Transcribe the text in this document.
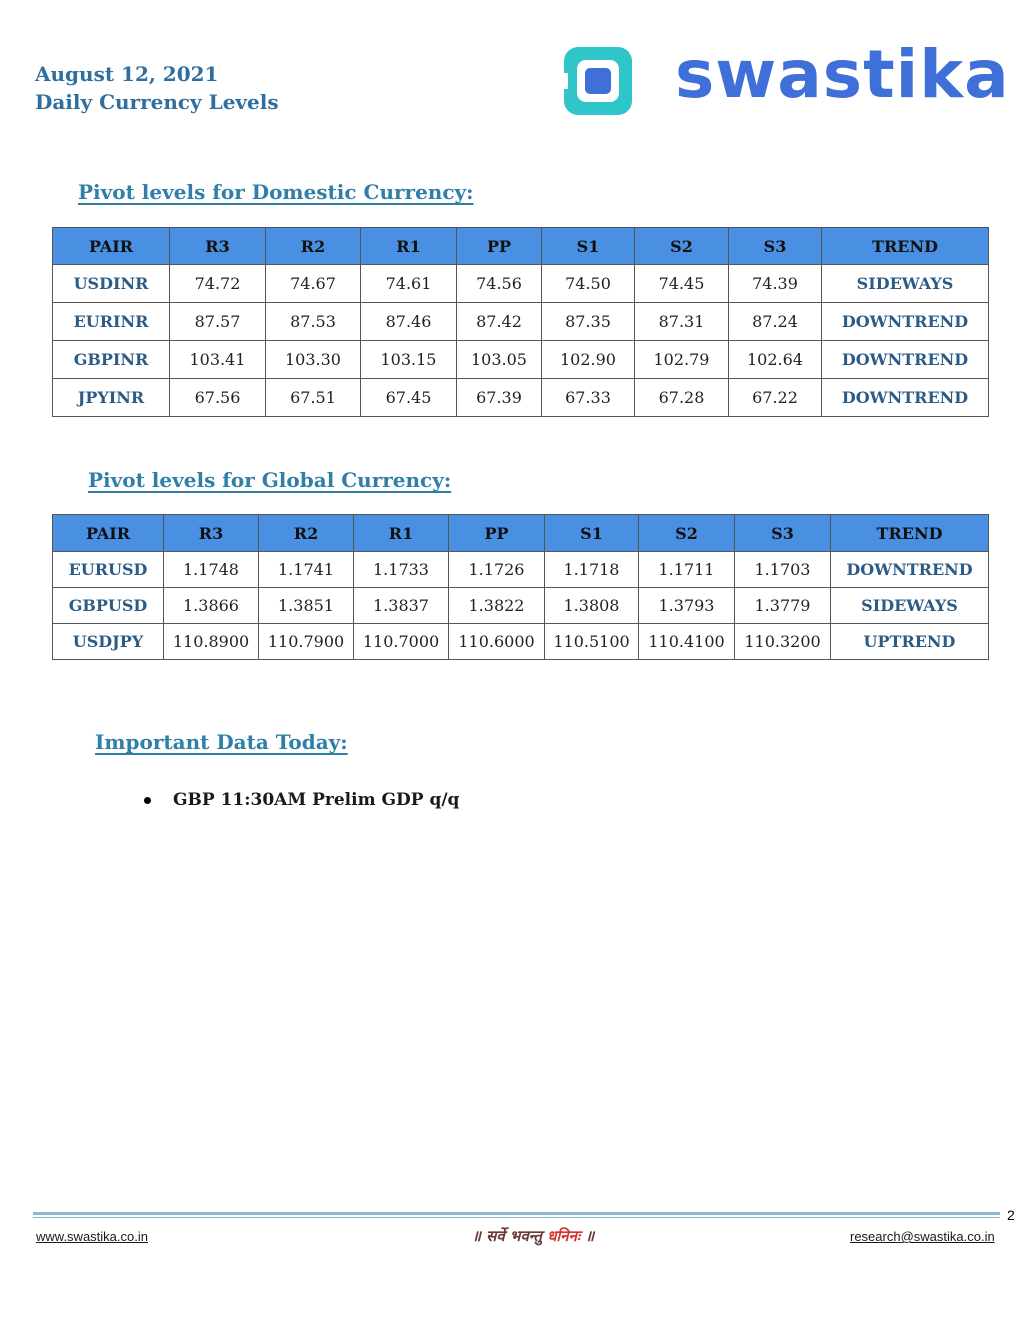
August 12, 2021
Daily Currency Levels	swastika
Pivot levels for Domestic Currency:
PAIR	R3	R2	R1	PP	S1	S2	S3	TREND
USDINR	74.72	74.67	74.61	74.56	74.50	74.45	74.39	SIDEWAYS
EURINR	87.57	87.53	87.46	87.42	87.35	87.31	87.24	DOWNTREND
GBPINR	103.41	103.30	103.15	103.05	102.90	102.79	102.64	DOWNTREND
JPYINR	67.56	67.51	67.45	67.39	67.33	67.28	67.22	DOWNTREND
Pivot levels for Global Currency:
PAIR	R3	R2	R1	PP	S1	S2	S3	TREND
EURUSD	1.1748	1.1741	1.1733	1.1726	1.1718	1.1711	1.1703	DOWNTREND
GBPUSD	1.3866	1.3851	1.3837	1.3822	1.3808	1.3793	1.3779	SIDEWAYS
USDJPY	110.8900	110.7900	110.7000	110.6000	110.5100	110.4100	110.3200	UPTREND
Important Data Today:
GBP 11:30AM Prelim GDP q/q
2
www.swastika.co.in	॥ सर्वे भवन्तु धनिनः ॥	research@swastika.co.in
